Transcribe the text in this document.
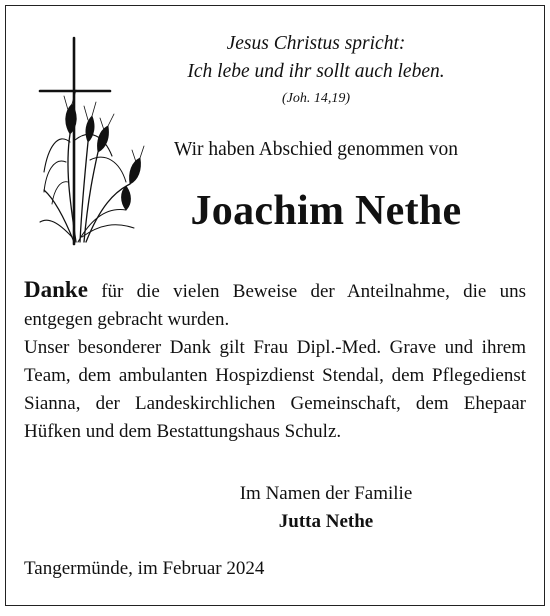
Jesus Christus spricht:
Ich lebe und ihr sollt auch leben.
(Joh. 14,19)
Wir haben Abschied genommen von
Joachim Nethe

Danke für die vielen Beweise der Anteilnahme, die uns entgegen gebracht wurden.

Unser besonderer Dank gilt Frau Dipl.-Med. Grave und ihrem Team, dem ambulanten Hospizdienst Stendal, dem Pflegedienst Sianna, der Landeskirchlichen Gemeinschaft, dem Ehepaar Hüfken und dem Bestattungshaus Schulz.

Im Namen der Familie
Jutta Nethe
Tangermünde, im Februar 2024
